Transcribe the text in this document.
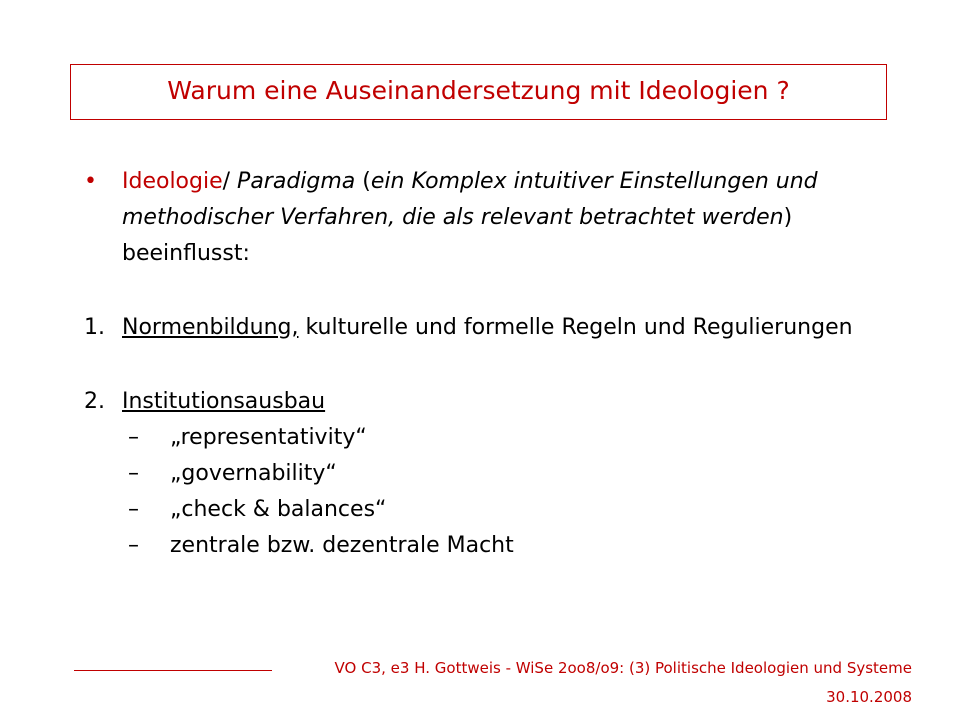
Warum eine Auseinandersetzung mit Ideologien ?
• Ideologie/ Paradigma (ein Komplex intuitiver Einstellungen und methodischer Verfahren, die als relevant betrachtet werden) beeinflusst:
1. Normenbildung, kulturelle und formelle Regeln und Regulierungen
2. Institutionsausbau
– „representativity“
– „governability“
– „check & balances“
– zentrale bzw. dezentrale Macht
VO C3, e3 H. Gottweis - WiSe 2oo8/o9: (3) Politische Ideologien und Systeme
30.10.2008
